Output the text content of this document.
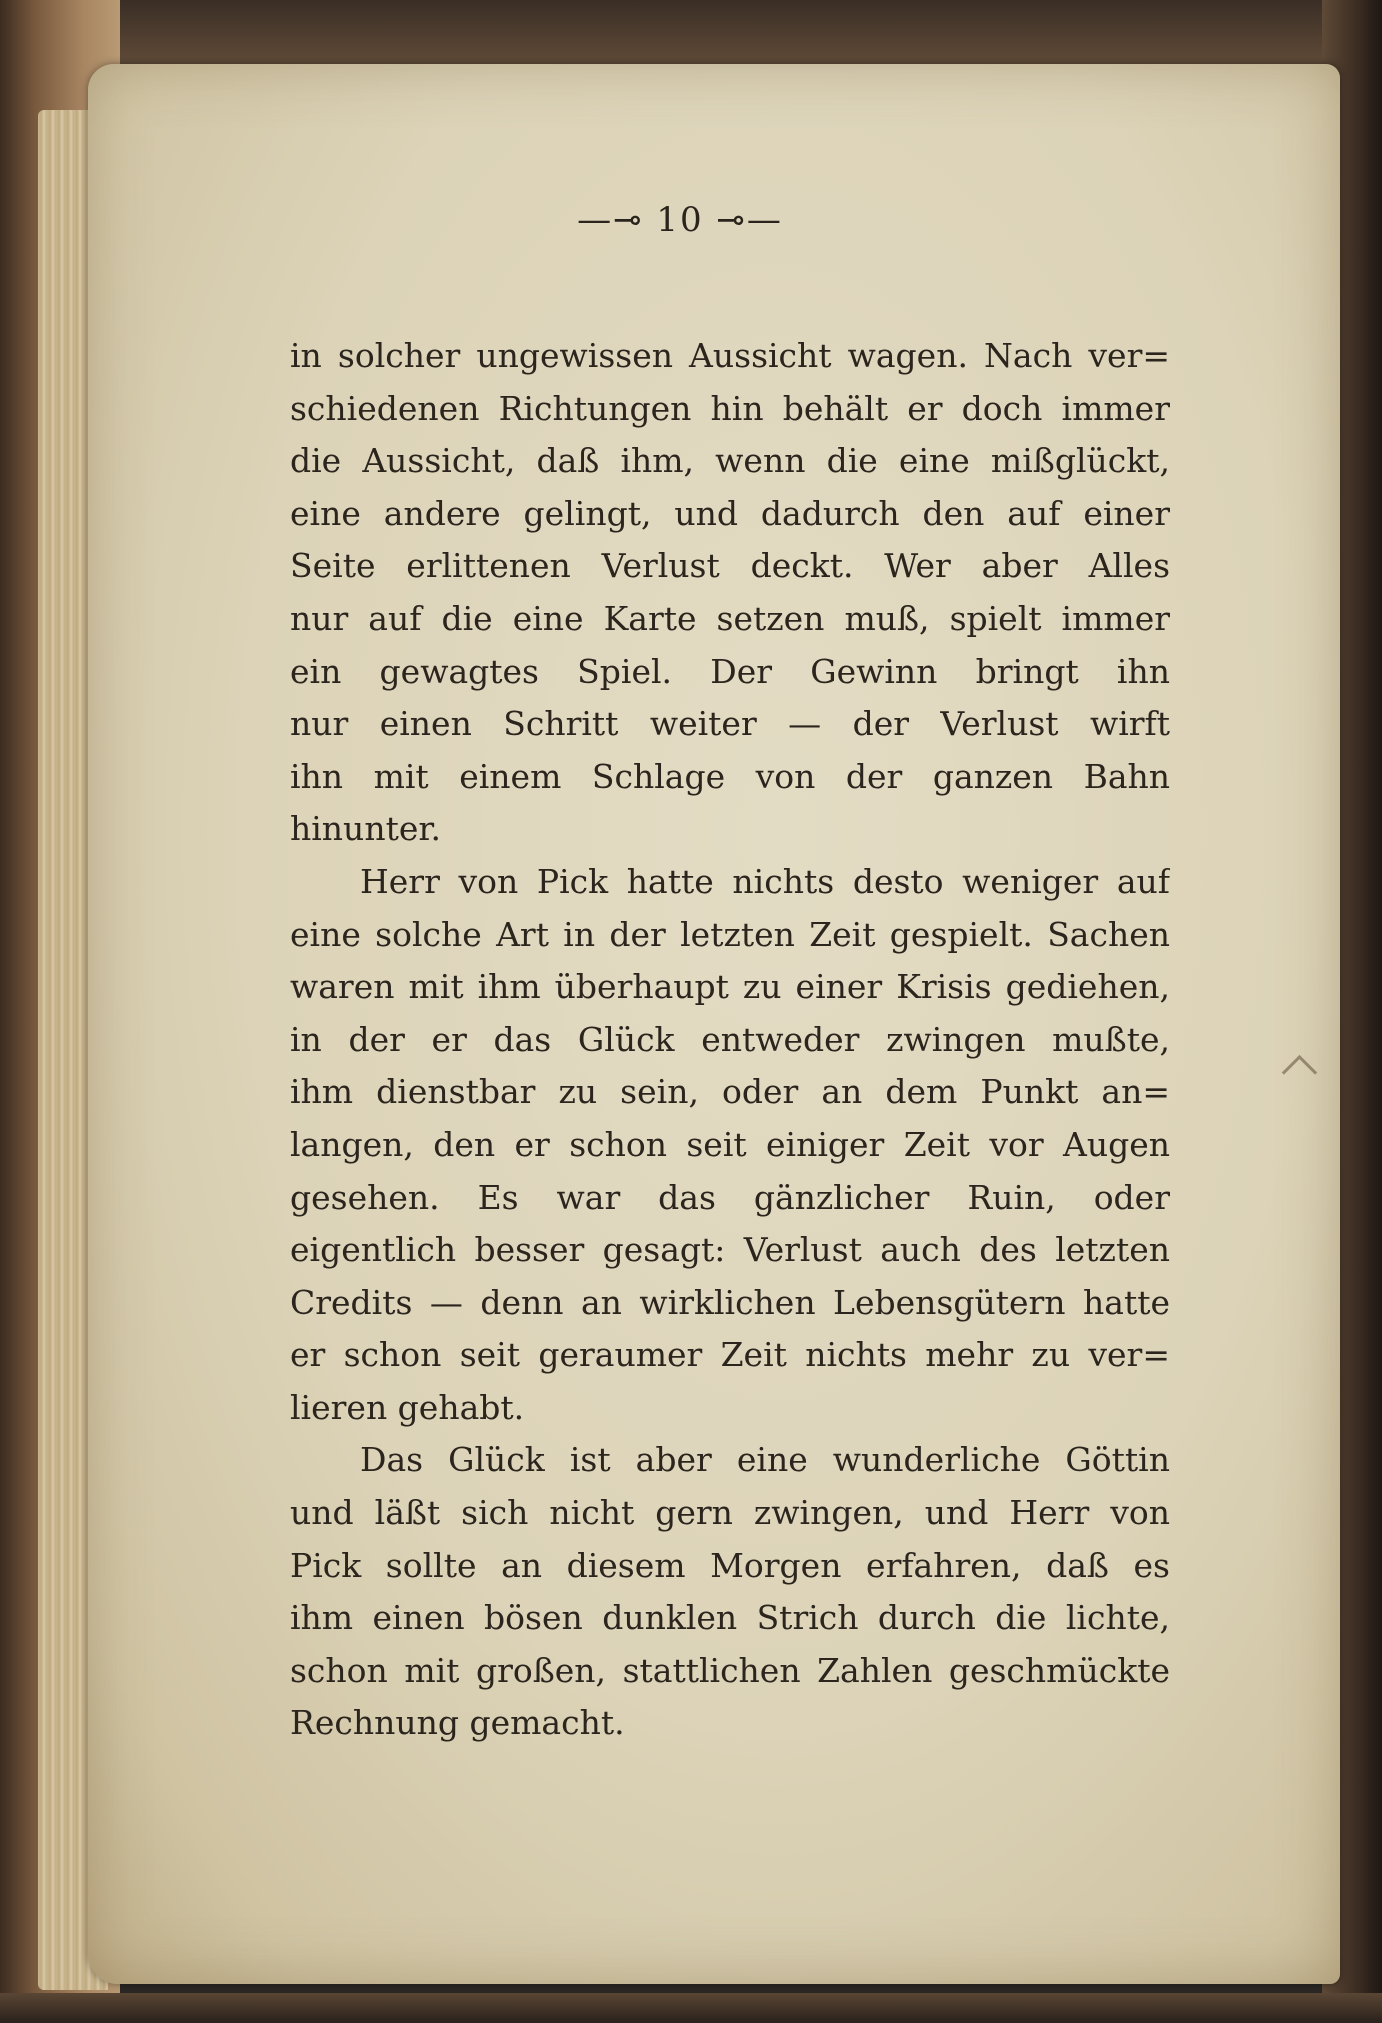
—⊸ 10 ⊸—
in solcher ungewissen Aussicht wagen. Nach ver=
schiedenen Richtungen hin behält er doch immer
die Aussicht, daß ihm, wenn die eine mißglückt,
eine andere gelingt, und dadurch den auf einer
Seite erlittenen Verlust deckt. Wer aber Alles
nur auf die eine Karte setzen muß, spielt immer
ein gewagtes Spiel. Der Gewinn bringt ihn
nur einen Schritt weiter — der Verlust wirft
ihn mit einem Schlage von der ganzen Bahn
hinunter.
Herr von Pick hatte nichts desto weniger auf
eine solche Art in der letzten Zeit gespielt. Sachen
waren mit ihm überhaupt zu einer Krisis gediehen,
in der er das Glück entweder zwingen mußte,
ihm dienstbar zu sein, oder an dem Punkt an=
langen, den er schon seit einiger Zeit vor Augen
gesehen. Es war das gänzlicher Ruin, oder
eigentlich besser gesagt: Verlust auch des letzten
Credits — denn an wirklichen Lebensgütern hatte
er schon seit geraumer Zeit nichts mehr zu ver=
lieren gehabt.
Das Glück ist aber eine wunderliche Göttin
und läßt sich nicht gern zwingen, und Herr von
Pick sollte an diesem Morgen erfahren, daß es
ihm einen bösen dunklen Strich durch die lichte,
schon mit großen, stattlichen Zahlen geschmückte
Rechnung gemacht.
